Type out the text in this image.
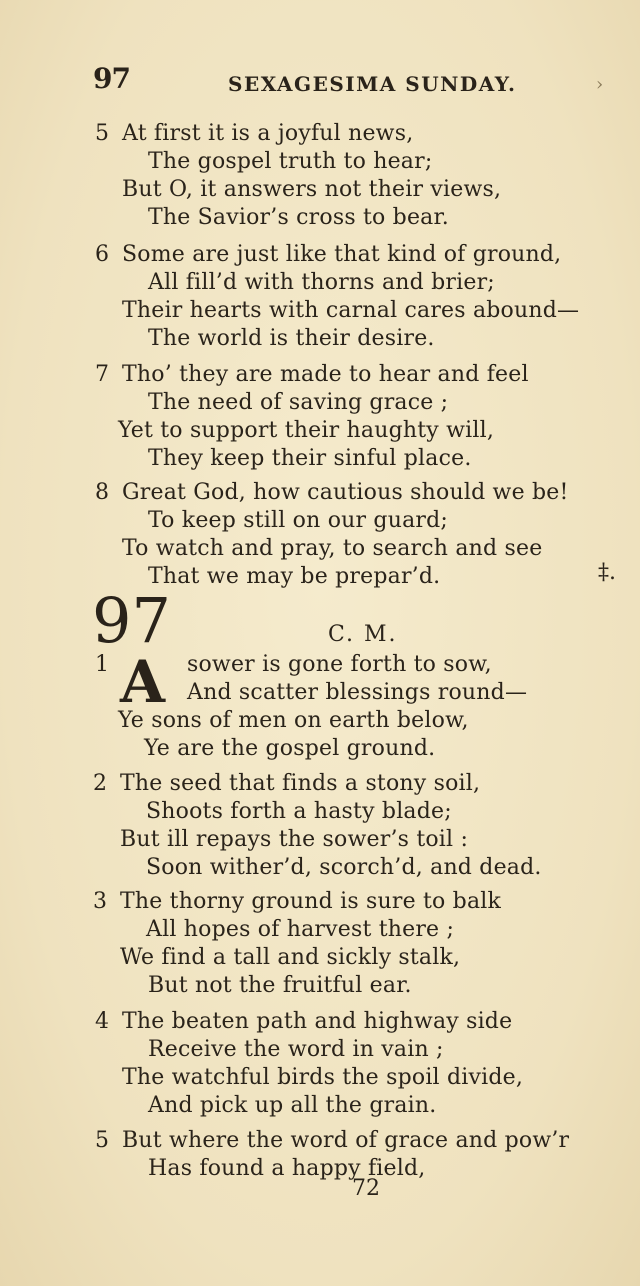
97	SEXAGESIMA SUNDAY.	›
5 At first it is a joyful news,
The gospel truth to hear;
But O, it answers not their views,
The Savior’s cross to bear.
6 Some are just like that kind of ground,
All fill’d with thorns and brier;
Their hearts with carnal cares abound—
The world is their desire.
7 Tho’ they are made to hear and feel
The need of saving grace ;
Yet to support their haughty will,
They keep their sinful place.
8 Great God, how cautious should we be!
To keep still on our guard;
To watch and pray, to search and see
That we may be prepar’d.	‡.
97	C. M.
1 A sower is gone forth to sow,
And scatter blessings round—
Ye sons of men on earth below,
Ye are the gospel ground.
2 The seed that finds a stony soil,
Shoots forth a hasty blade;
But ill repays the sower’s toil :
Soon wither’d, scorch’d, and dead.
3 The thorny ground is sure to balk
All hopes of harvest there ;
We find a tall and sickly stalk,
But not the fruitful ear.
4 The beaten path and highway side
Receive the word in vain ;
The watchful birds the spoil divide,
And pick up all the grain.
5 But where the word of grace and pow’r
Has found a happy field,
72
